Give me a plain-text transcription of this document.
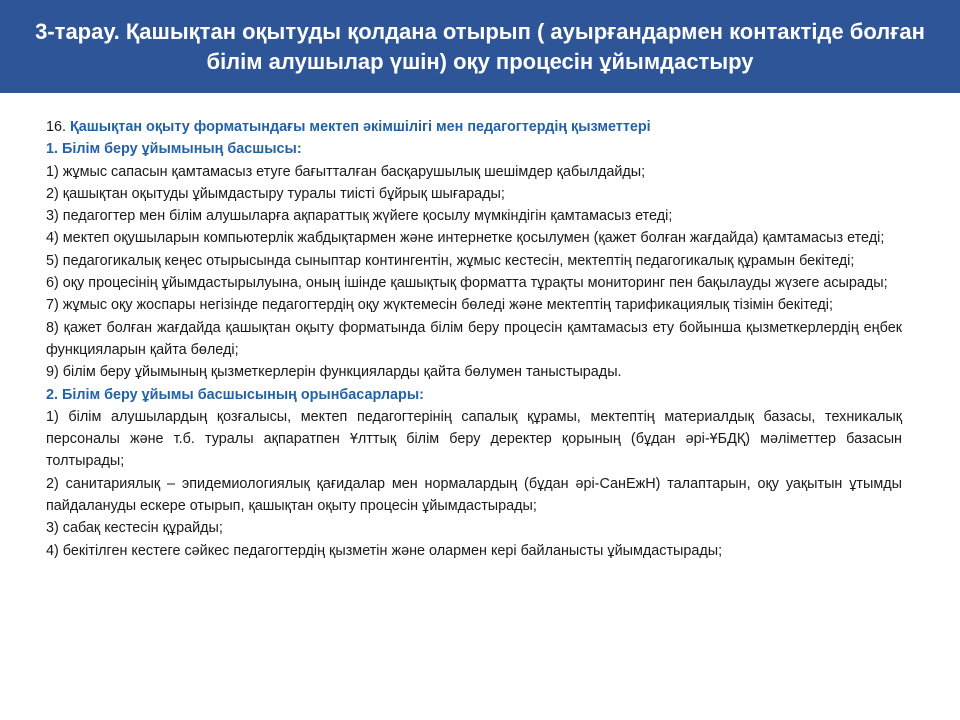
3-тарау. Қашықтан оқытуды қолдана отырып ( ауырғандармен контактіде болған білім алушылар үшін) оқу процесін ұйымдастыру

16. Қашықтан оқыту форматындағы мектеп әкімшілігі мен педагогтердің қызметтері

1. Білім беру ұйымының басшысы:

1) жұмыс сапасын қамтамасыз етуге бағытталған басқарушылық шешімдер қабылдайды;

2) қашықтан оқытуды ұйымдастыру туралы тиісті бұйрық шығарады;

3) педагогтер мен білім алушыларға ақпараттық жүйеге қосылу мүмкіндігін қамтамасыз етеді;

4) мектеп оқушыларын компьютерлік жабдықтармен және интернетке қосылумен (қажет болған жағдайда) қамтамасыз етеді;

5) педагогикалық кеңес отырысында сыныптар контингентін, жұмыс кестесін, мектептің педагогикалық құрамын бекітеді;

6) оқу процесінің ұйымдастырылуына, оның ішінде қашықтық форматта тұрақты мониторинг пен бақылауды жүзеге асырады;

7) жұмыс оқу жоспары негізінде педагогтердің оқу жүктемесін бөледі және мектептің тарификациялық тізімін бекітеді;

8) қажет болған жағдайда қашықтан оқыту форматында білім беру процесін қамтамасыз ету бойынша қызметкерлердің еңбек функцияларын қайта бөледі;

9) білім беру ұйымының қызметкерлерін функцияларды қайта бөлумен таныстырады.

2. Білім беру ұйымы басшысының орынбасарлары:

1) білім алушылардың қозғалысы, мектеп педагогтерінің сапалық құрамы, мектептің материалдық базасы, техникалық персоналы және т.б. туралы ақпаратпен Ұлттық білім беру деректер қорының (бұдан әрі-ҰБДҚ) мәліметтер базасын толтырады;

2) санитариялық – эпидемиологиялық қағидалар мен нормалардың (бұдан әрі-СанЕжН) талаптарын, оқу уақытын ұтымды пайдалануды ескере отырып, қашықтан оқыту процесін ұйымдастырады;

3) сабақ кестесін құрайды;

4) бекітілген кестеге сәйкес педагогтердің қызметін және олармен кері байланысты ұйымдастырады;
